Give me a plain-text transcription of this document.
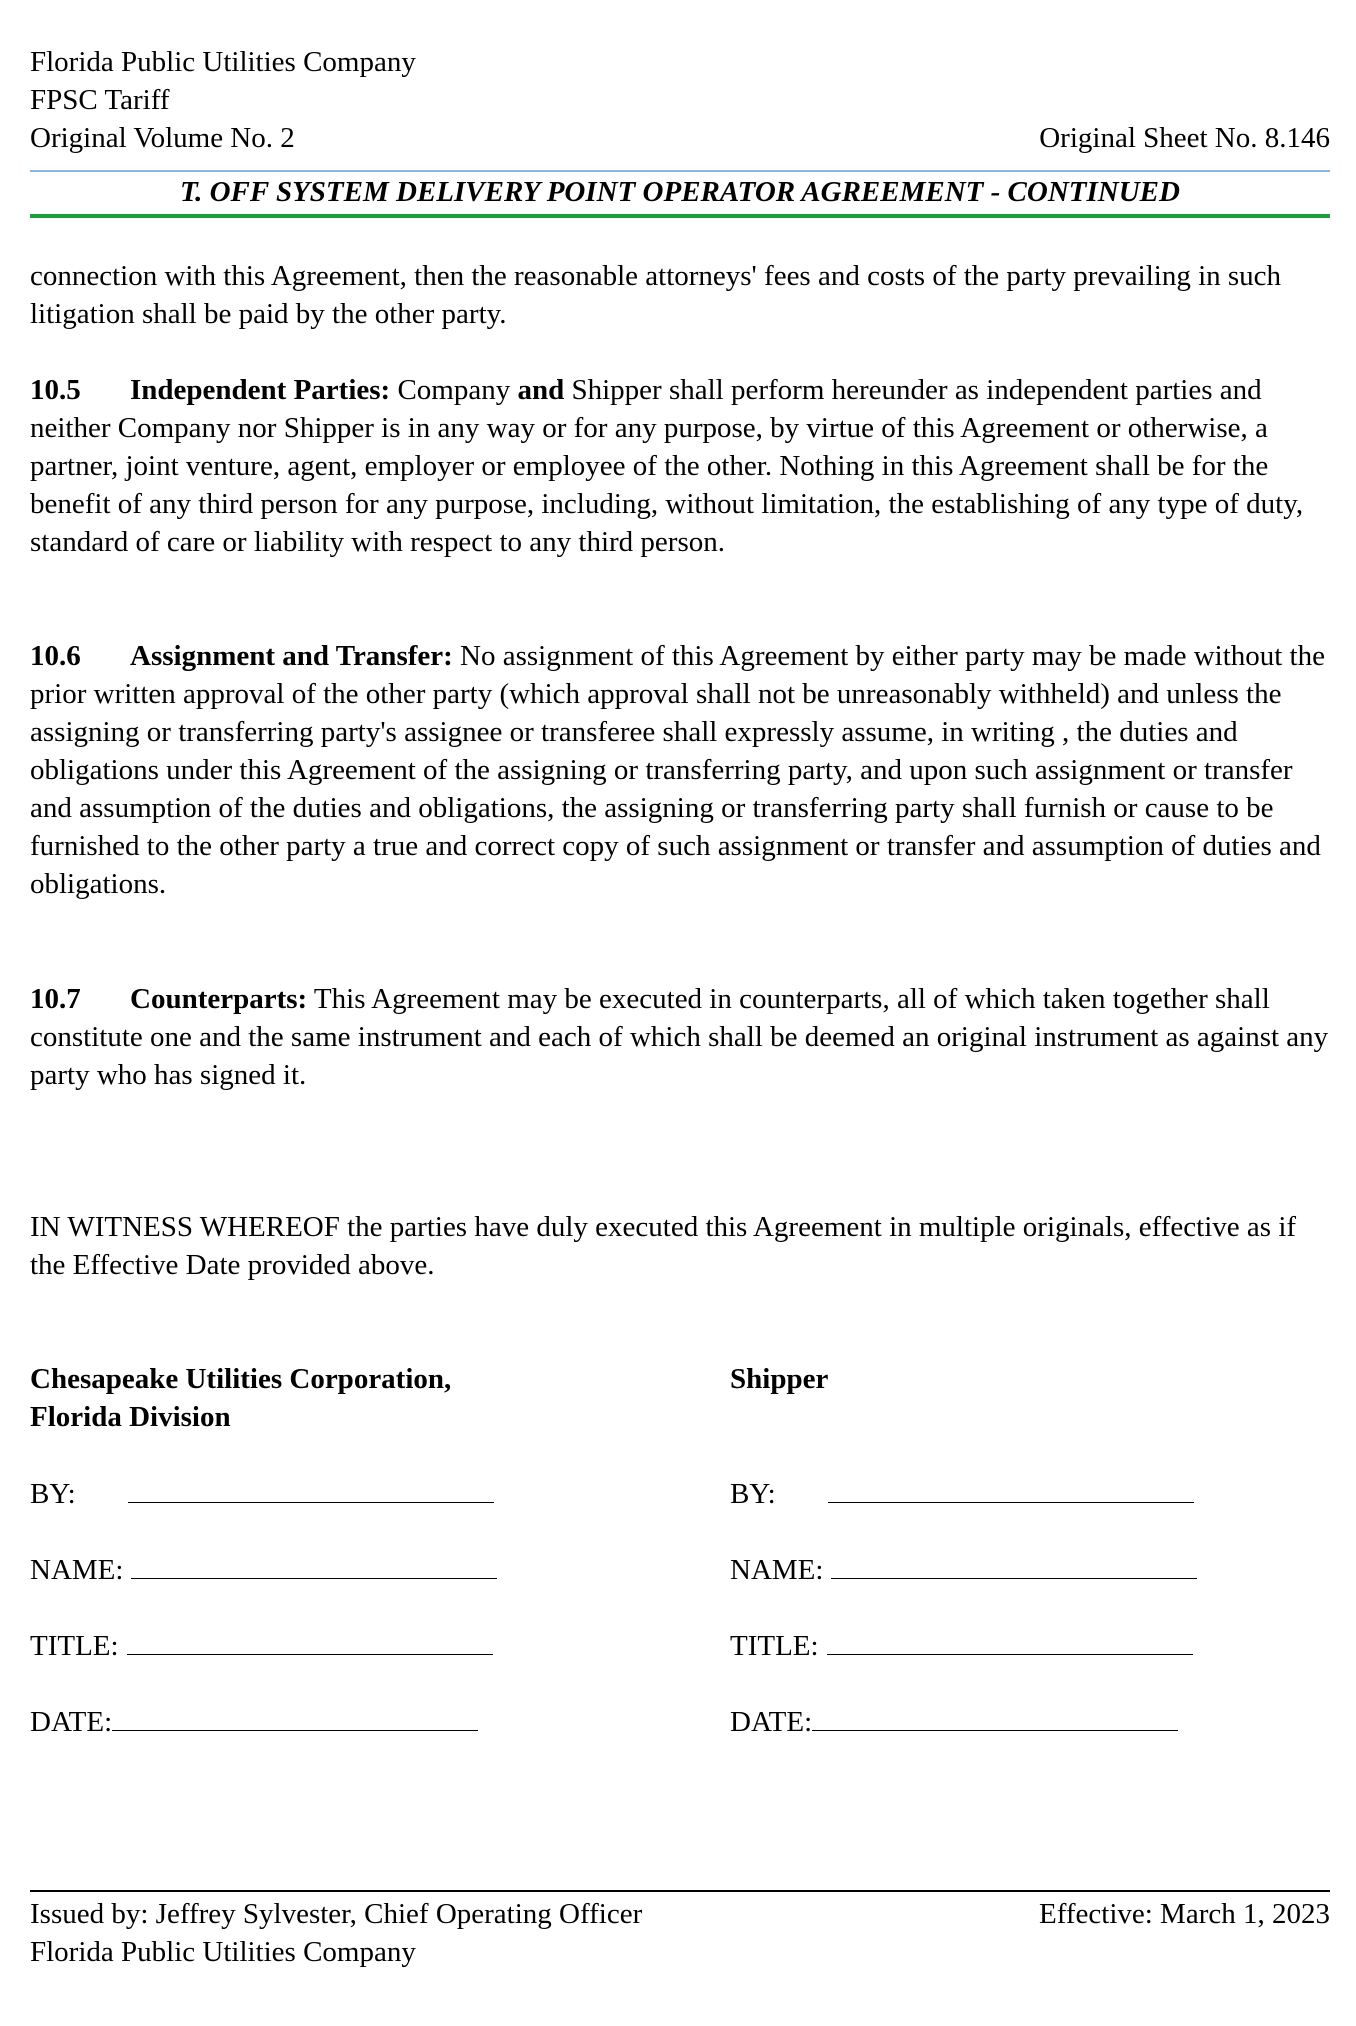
Florida Public Utilities Company
FPSC Tariff
Original Volume No. 2	Original Sheet No. 8.146
T. OFF SYSTEM DELIVERY POINT OPERATOR AGREEMENT - CONTINUED
connection with this Agreement, then the reasonable attorneys' fees and costs of the party prevailing in such litigation shall be paid by the other party.
10.5 Independent Parties: Company and Shipper shall perform hereunder as independent parties and neither Company nor Shipper is in any way or for any purpose, by virtue of this Agreement or otherwise, a partner, joint venture, agent, employer or employee of the other. Nothing in this Agreement shall be for the benefit of any third person for any purpose, including, without limitation, the establishing of any type of duty, standard of care or liability with respect to any third person.
10.6 Assignment and Transfer: No assignment of this Agreement by either party may be made without the prior written approval of the other party (which approval shall not be unreasonably withheld) and unless the assigning or transferring party's assignee or transferee shall expressly assume, in writing , the duties and obligations under this Agreement of the assigning or transferring party, and upon such assignment or transfer and assumption of the duties and obligations, the assigning or transferring party shall furnish or cause to be furnished to the other party a true and correct copy of such assignment or transfer and assumption of duties and obligations.
10.7 Counterparts: This Agreement may be executed in counterparts, all of which taken together shall constitute one and the same instrument and each of which shall be deemed an original instrument as against any party who has signed it.
IN WITNESS WHEREOF the parties have duly executed this Agreement in multiple originals, effective as if the Effective Date provided above.
Chesapeake Utilities Corporation,
Florida Division
BY:
NAME:
TITLE:
DATE:
Shipper
BY:
NAME:
TITLE:
DATE:
Issued by: Jeffrey Sylvester, Chief Operating Officer	Effective: March 1, 2023
Florida Public Utilities Company
